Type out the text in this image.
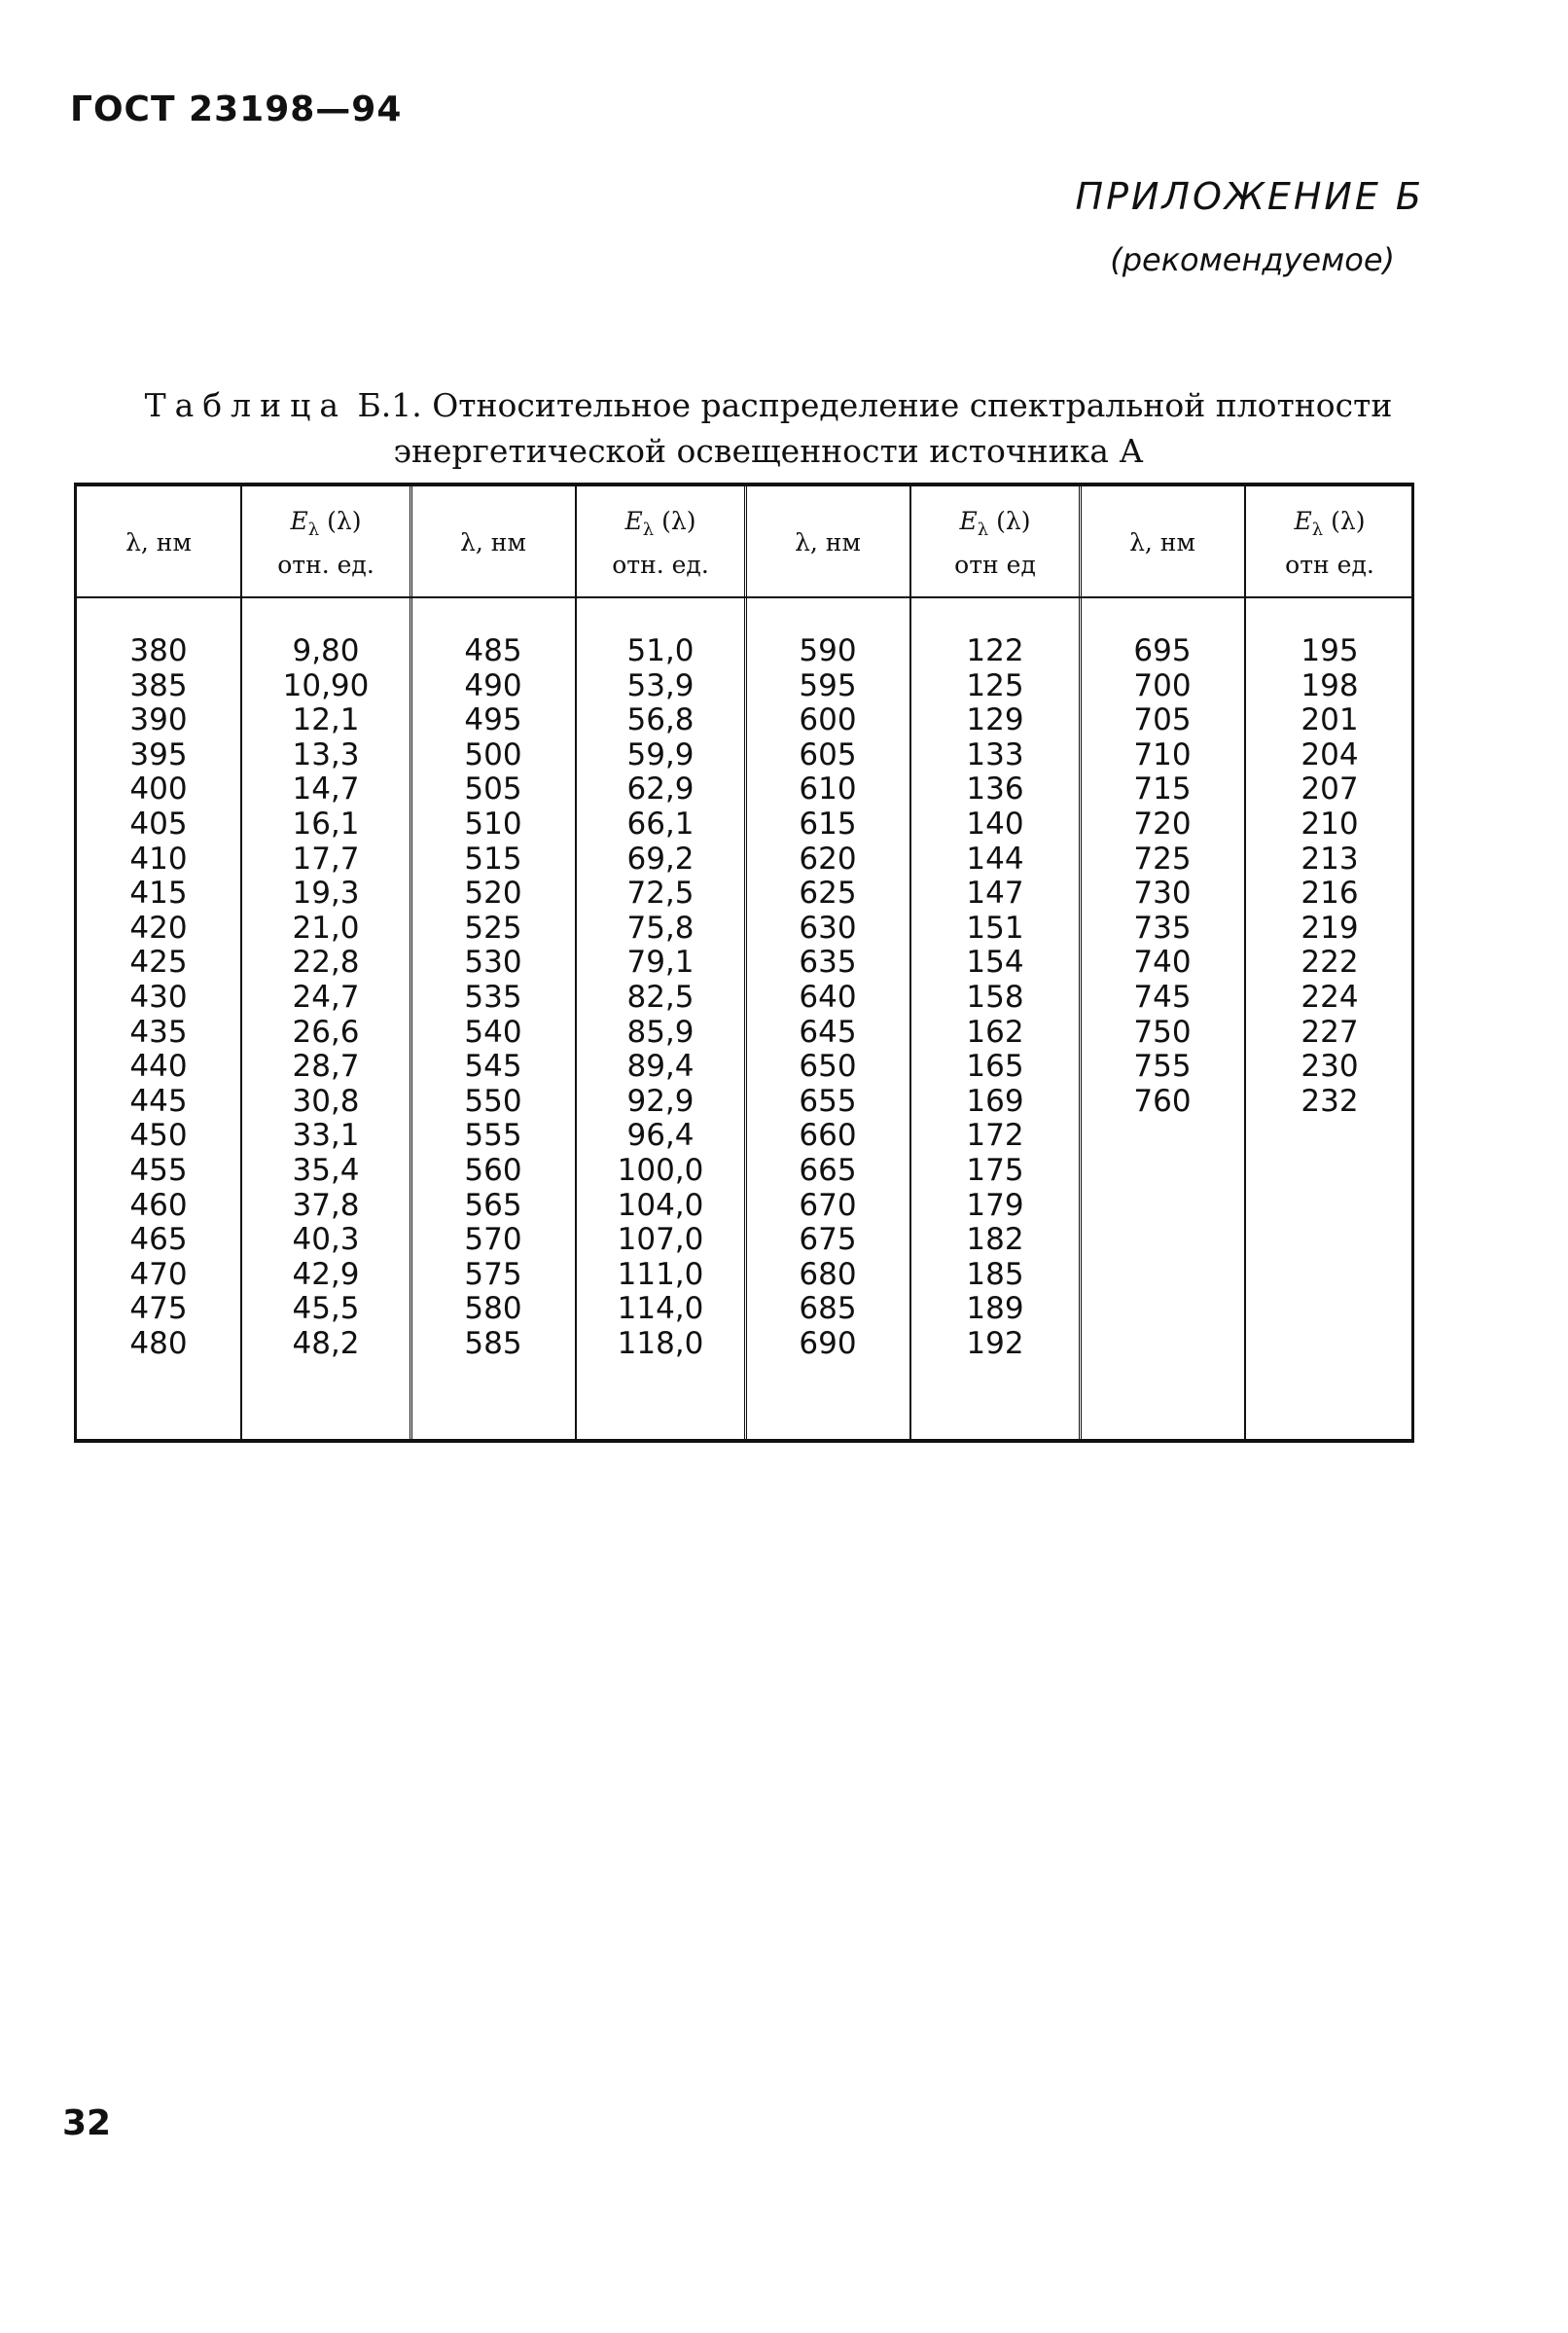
ГОСТ 23198—94
ПРИЛОЖЕНИЕ Б
(рекомендуемое)
Таблица Б.1. Относительное распределение спектральной плотности
энергетической освещенности источника А
λ, нм
$E_\lambda$ (λ)
отн. ед.
380
385
390
395
400
405
410
415
420
425
430
435
440
445
450
455
460
465
470
475
480
9,80
10,90
12,1
13,3
14,7
16,1
17,7
19,3
21,0
22,8
24,7
26,6
28,7
30,8
33,1
35,4
37,8
40,3
42,9
45,5
48,2
λ, нм
$E_\lambda$ (λ)
отн. ед.
485
490
495
500
505
510
515
520
525
530
535
540
545
550
555
560
565
570
575
580
585
51,0
53,9
56,8
59,9
62,9
66,1
69,2
72,5
75,8
79,1
82,5
85,9
89,4
92,9
96,4
100,0
104,0
107,0
111,0
114,0
118,0
λ, нм
$E_\lambda$ (λ)
отн ед
590
595
600
605
610
615
620
625
630
635
640
645
650
655
660
665
670
675
680
685
690
122
125
129
133
136
140
144
147
151
154
158
162
165
169
172
175
179
182
185
189
192
λ, нм
$E_\lambda$ (λ)
отн ед.
695
700
705
710
715
720
725
730
735
740
745
750
755
760
195
198
201
204
207
210
213
216
219
222
224
227
230
232
32
